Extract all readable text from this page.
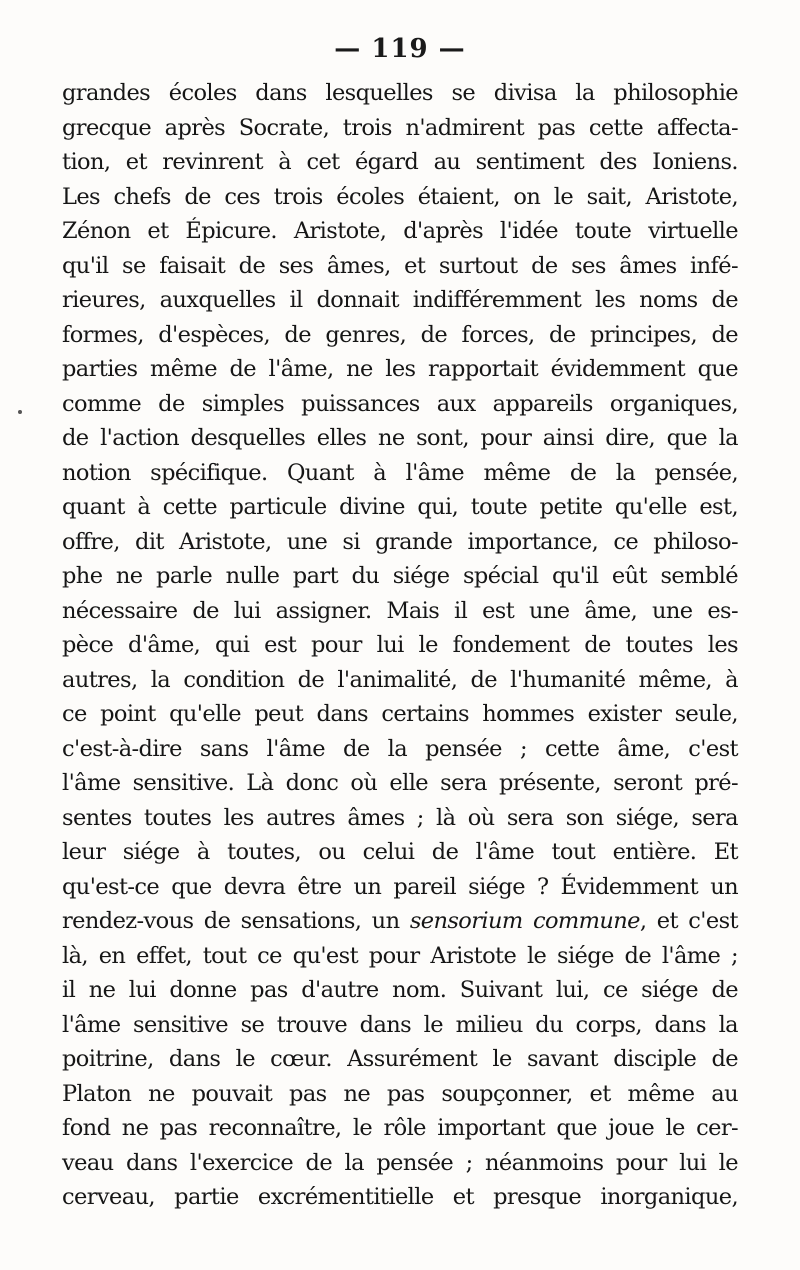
— 119 —
grandes écoles dans lesquelles se divisa la philosophie
grecque après Socrate, trois n'admirent pas cette affecta-
tion, et revinrent à cet égard au sentiment des Ioniens.
Les chefs de ces trois écoles étaient, on le sait, Aristote,
Zénon et Épicure. Aristote, d'après l'idée toute virtuelle
qu'il se faisait de ses âmes, et surtout de ses âmes infé-
rieures, auxquelles il donnait indifféremment les noms de
formes, d'espèces, de genres, de forces, de principes, de
parties même de l'âme, ne les rapportait évidemment que
comme de simples puissances aux appareils organiques,
de l'action desquelles elles ne sont, pour ainsi dire, que la
notion spécifique. Quant à l'âme même de la pensée,
quant à cette particule divine qui, toute petite qu'elle est,
offre, dit Aristote, une si grande importance, ce philoso-
phe ne parle nulle part du siége spécial qu'il eût semblé
nécessaire de lui assigner. Mais il est une âme, une es-
pèce d'âme, qui est pour lui le fondement de toutes les
autres, la condition de l'animalité, de l'humanité même, à
ce point qu'elle peut dans certains hommes exister seule,
c'est-à-dire sans l'âme de la pensée ; cette âme, c'est
l'âme sensitive. Là donc où elle sera présente, seront pré-
sentes toutes les autres âmes ; là où sera son siége, sera
leur siége à toutes, ou celui de l'âme tout entière. Et
qu'est-ce que devra être un pareil siége ? Évidemment un
rendez-vous de sensations, un sensorium commune, et c'est
là, en effet, tout ce qu'est pour Aristote le siége de l'âme ;
il ne lui donne pas d'autre nom. Suivant lui, ce siége de
l'âme sensitive se trouve dans le milieu du corps, dans la
poitrine, dans le cœur. Assurément le savant disciple de
Platon ne pouvait pas ne pas soupçonner, et même au
fond ne pas reconnaître, le rôle important que joue le cer-
veau dans l'exercice de la pensée ; néanmoins pour lui le
cerveau, partie excrémentitielle et presque inorganique,
